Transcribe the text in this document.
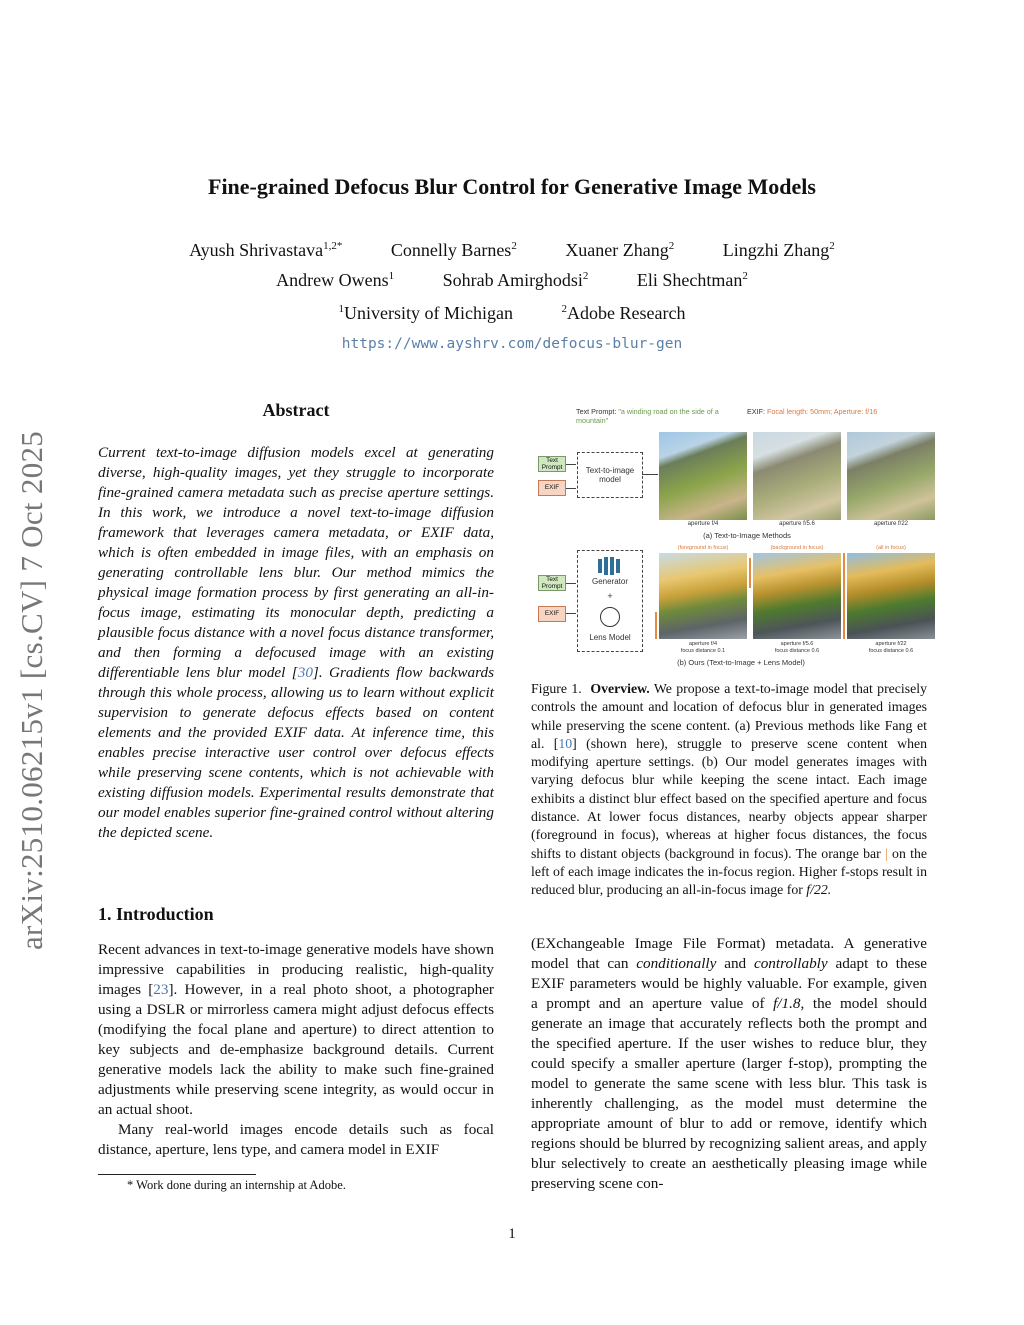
Fine-grained Defocus Blur Control for Generative Image Models
Ayush Shrivastava$^{1,2*}$	Connelly Barnes$^2$	Xuaner Zhang$^2$	Lingzhi Zhang$^2$
Andrew Owens$^1$	Sohrab Amirghodsi$^2$	Eli Shechtman$^2$
$^1$University of Michigan	$^2$Adobe Research
https://www.ayshrv.com/defocus-blur-gen
arXiv:2510.06215v1 [cs.CV] 7 Oct 2025
Abstract
Current text-to-image diffusion models excel at generating diverse, high-quality images, yet they struggle to incorporate fine-grained camera metadata such as precise aperture settings. In this work, we introduce a novel text-to-image diffusion framework that leverages camera metadata, or EXIF data, which is often embedded in image files, with an emphasis on generating controllable lens blur. Our method mimics the physical image formation process by first generating an all-in-focus image, estimating its monocular depth, predicting a plausible focus distance with a novel focus distance transformer, and then forming a defocused image with an existing differentiable lens blur model [30]. Gradients flow backwards through this whole process, allowing us to learn without explicit supervision to generate defocus effects based on content elements and the provided EXIF data. At inference time, this enables precise interactive user control over defocus effects while preserving scene contents, which is not achievable with existing diffusion models. Experimental results demonstrate that our model enables superior fine-grained control without altering the depicted scene.
1. Introduction
Recent advances in text-to-image generative models have shown impressive capabilities in producing realistic, high-quality images [23]. However, in a real photo shoot, a photographer using a DSLR or mirrorless camera might adjust defocus effects (modifying the focal plane and aperture) to direct attention to key subjects and de-emphasize background details. Current generative models lack the ability to make such fine-grained adjustments while preserving scene integrity, as would occur in an actual shoot.
Many real-world images encode details such as focal distance, aperture, lens type, and camera model in EXIF
* Work done during an internship at Adobe.
Text Prompt: "a winding road on the side of a mountain"
EXIF: Focal length: 50mm; Aperture: f/16
Text Prompt
EXIF
Text-to-image model
aperture f/4	aperture f/5.6	aperture f/22
(a) Text-to-Image Methods
(foreground in focus)	(background in focus)	(all in focus)
Text Prompt
EXIF
Generator
+
Lens Model
aperture f/4
focus distance 0.1
aperture f/5.6
focus distance 0.6
aperture f/22
focus distance 0.6
(b) Ours (Text-to-Image + Lens Model)
Figure 1. Overview. We propose a text-to-image model that precisely controls the amount and location of defocus blur in generated images while preserving the scene content. (a) Previous methods like Fang et al. [10] (shown here), struggle to preserve scene content when modifying aperture settings. (b) Our model generates images with varying defocus blur while keeping the scene intact. Each image exhibits a distinct blur effect based on the specified aperture and focus distance. At lower focus distances, nearby objects appear sharper (foreground in focus), whereas at higher focus distances, the focus shifts to distant objects (background in focus). The orange bar | on the left of each image indicates the in-focus region. Higher f-stops result in reduced blur, producing an all-in-focus image for f/22.
(EXchangeable Image File Format) metadata. A generative model that can conditionally and controllably adapt to these EXIF parameters would be highly valuable. For example, given a prompt and an aperture value of f/1.8, the model should generate an image that accurately reflects both the prompt and the specified aperture. If the user wishes to reduce blur, they could specify a smaller aperture (larger f-stop), prompting the model to generate the same scene with less blur. This task is inherently challenging, as the model must determine the appropriate amount of blur to add or remove, identify which regions should be blurred by recognizing salient areas, and apply blur selectively to create an aesthetically pleasing image while preserving scene con-
1
